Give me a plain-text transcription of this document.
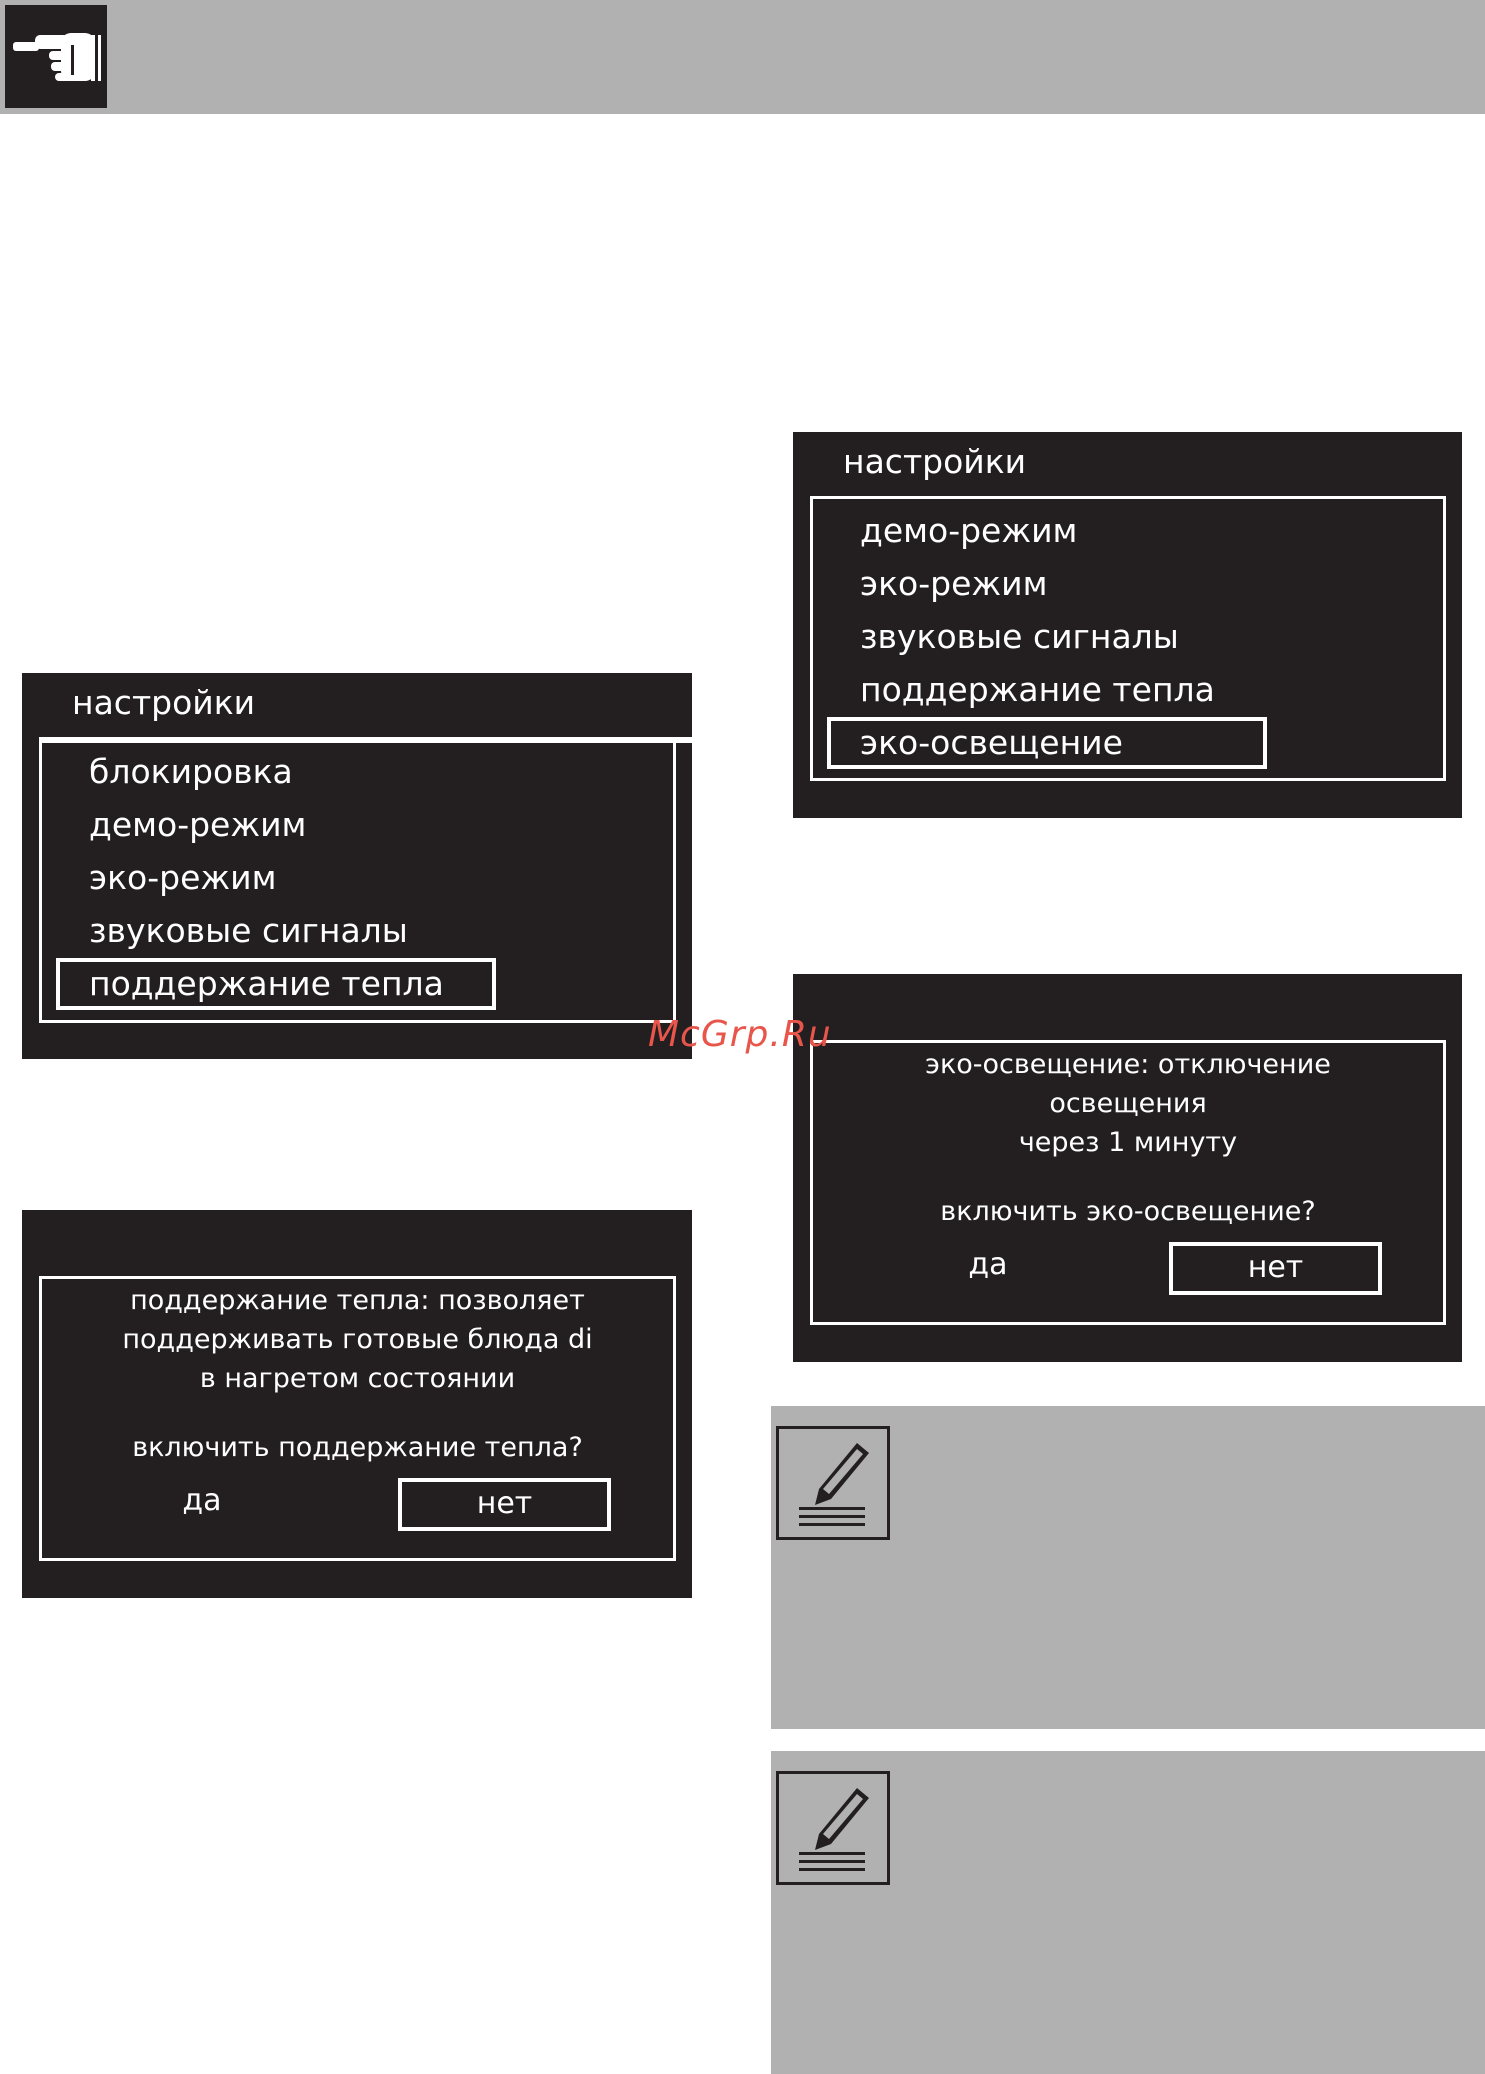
настройки
блокировка
демо-режим
эко-режим
звуковые сигналы
поддержание тепла
поддержание тепла: позволяет
поддерживать готовые блюда di
в нагретом состоянии
включить поддержание тепла?
да	нет
настройки
демо-режим
эко-режим
звуковые сигналы
поддержание тепла
эко-освещение
эко-освещение: отключение
освещения
через 1 минуту
включить эко-освещение?
да	нет
McGrp.Ru
